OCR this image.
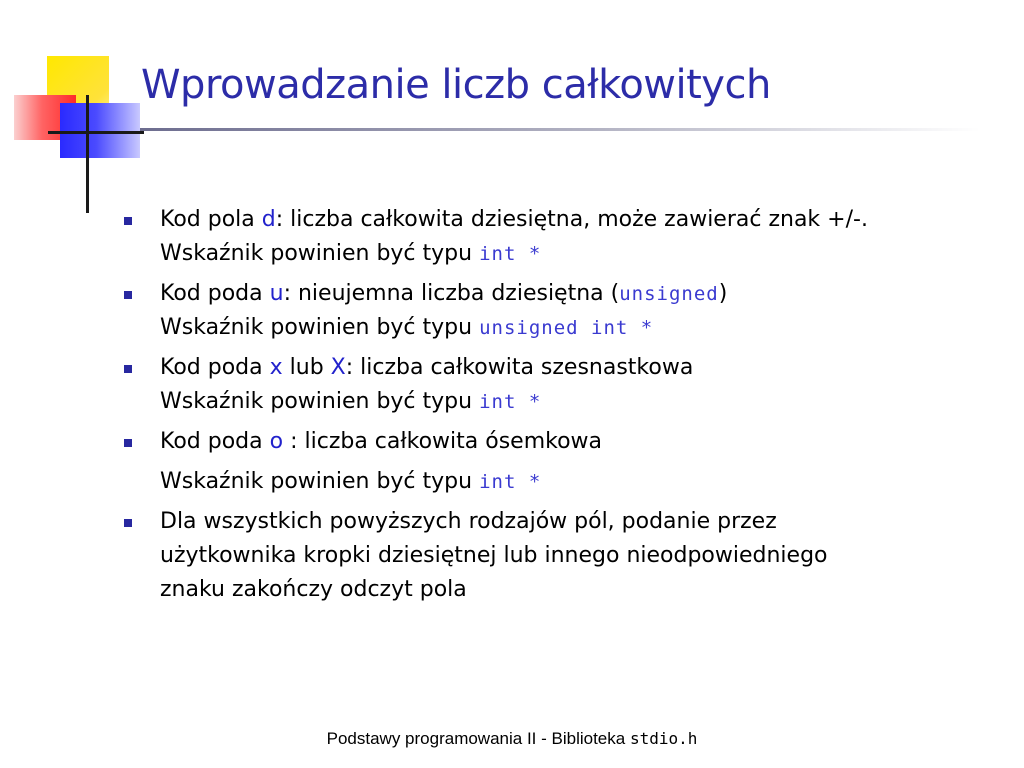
Wprowadzanie liczb całkowitych
Kod pola d: liczba całkowita dziesiętna, może zawierać znak +/-.
Wskaźnik powinien być typu int *
Kod poda u: nieujemna liczba dziesiętna (unsigned)
Wskaźnik powinien być typu unsigned int *
Kod poda x lub X: liczba całkowita szesnastkowa
Wskaźnik powinien być typu int *
Kod poda o : liczba całkowita ósemkowa
Wskaźnik powinien być typu int *
Dla wszystkich powyższych rodzajów pól, podanie przez
użytkownika kropki dziesiętnej lub innego nieodpowiedniego
znaku zakończy odczyt pola
Podstawy programowania II - Biblioteka stdio.h
